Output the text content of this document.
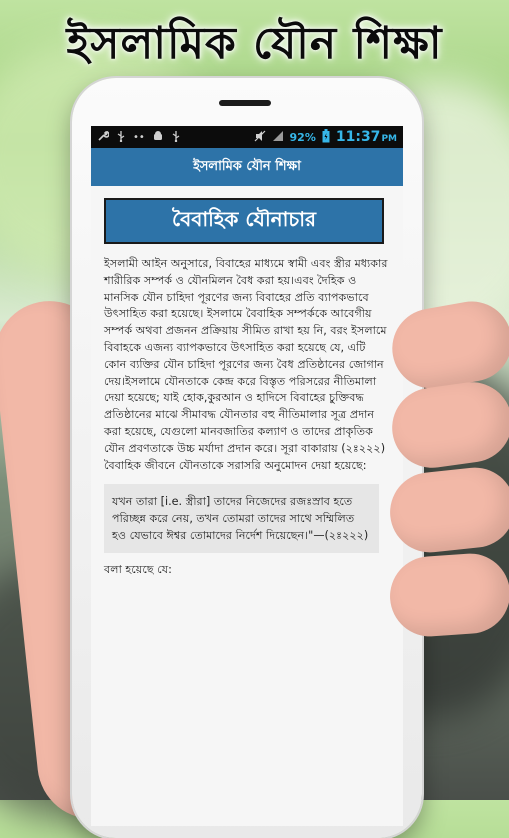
ইসলামিক যৌন শিক্ষা
••	92% 11:37PM
ইসলামিক যৌন শিক্ষা
বৈবাহিক যৌনাচার
ইসলামী আইন অনুসারে, বিবাহের মাধ্যমে স্বামী এবং স্ত্রীর মধ্যকার শারীরিক সম্পর্ক ও যৌনমিলন বৈধ করা হয়।এবং দৈহিক ও মানসিক যৌন চাহিদা পূরণের জন্য বিবাহের প্রতি ব্যাপকভাবে উৎসাহিত করা হয়েছে। ইসলামে বৈবাহিক সম্পর্ককে আবেগীয় সম্পর্ক অথবা প্রজনন প্রক্রিয়ায় সীমিত রাখা হয় নি, বরং ইসলামে বিবাহকে এজন্য ব্যাপকভাবে উৎসাহিত করা হয়েছে যে, এটি কোন ব্যক্তির যৌন চাহিদা পূরণের জন্য বৈধ প্রতিষ্ঠানের জোগান দেয়।ইসলামে যৌনতাকে কেন্দ্র করে বিস্তৃত পরিসরের নীতিমালা দেয়া হয়েছে; যাই হোক,কুরআন ও হাদিসে বিবাহের চুক্তিবদ্ধ প্রতিষ্ঠানের মাঝে সীমাবদ্ধ যৌনতার বহু নীতিমালার সূত্র প্রদান করা হয়েছে, যেগুলো মানবজাতির কল্যাণ ও তাদের প্রাকৃতিক যৌন প্রবণতাকে উচ্চ মর্যাদা প্রদান করে। সূরা বাকারায় (২ঃ২২২) বৈবাহিক জীবনে যৌনতাকে সরাসরি অনুমোদন দেয়া হয়েছে:
যখন তারা [i.e. স্ত্রীরা] তাদের নিজেদের রজঃস্রাব হতে পরিচ্ছন্ন করে নেয়, তখন তোমরা তাদের সাথে সম্মিলিত হও যেভাবে ঈশ্বর তোমাদের নির্দেশ দিয়েছেন।"—(২ঃ২২২)
বলা হয়েছে যে:
